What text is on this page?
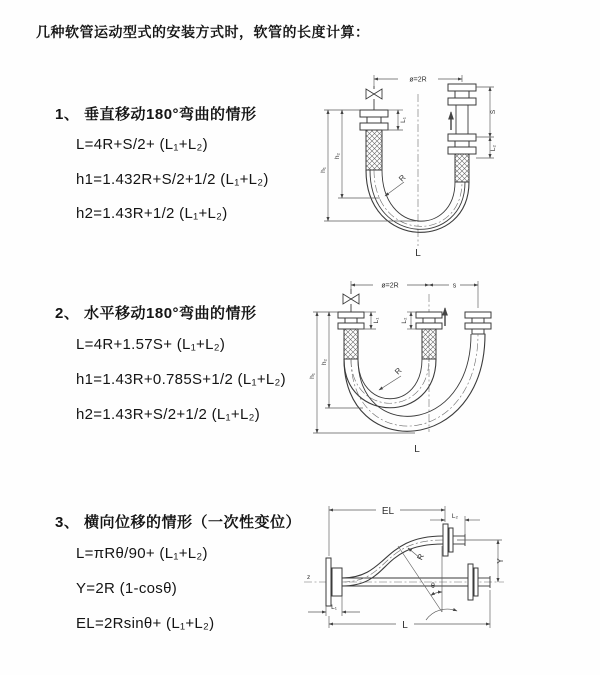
几种软管运动型式的安装方式时，软管的长度计算：
1、 垂直移动180°弯曲的情形
L=4R+S/2+ (L₁+L₂)
h1=1.432R+S/2+1/2 (L₁+L₂)
h2=1.43R+1/2 (L₁+L₂)
2、 水平移动180°弯曲的情形
L=4R+1.57S+ (L₁+L₂)
h1=1.43R+0.785S+1/2 (L₁+L₂)
h2=1.43R+S/2+1/2 (L₁+L₂)
3、 横向位移的情形（一次性变位）
L=πRθ/90+ (L₁+L₂)
Y=2R (1-cosθ)
EL=2Rsinθ+ (L₁+L₂)
ø=2R
R
L₁
h₁
h₂
S
L₂
L
ø=2R	s
R
L₁	L₂
h₁
h₂
L
z
EL	L₂
Y
R
θ
L₁
L
